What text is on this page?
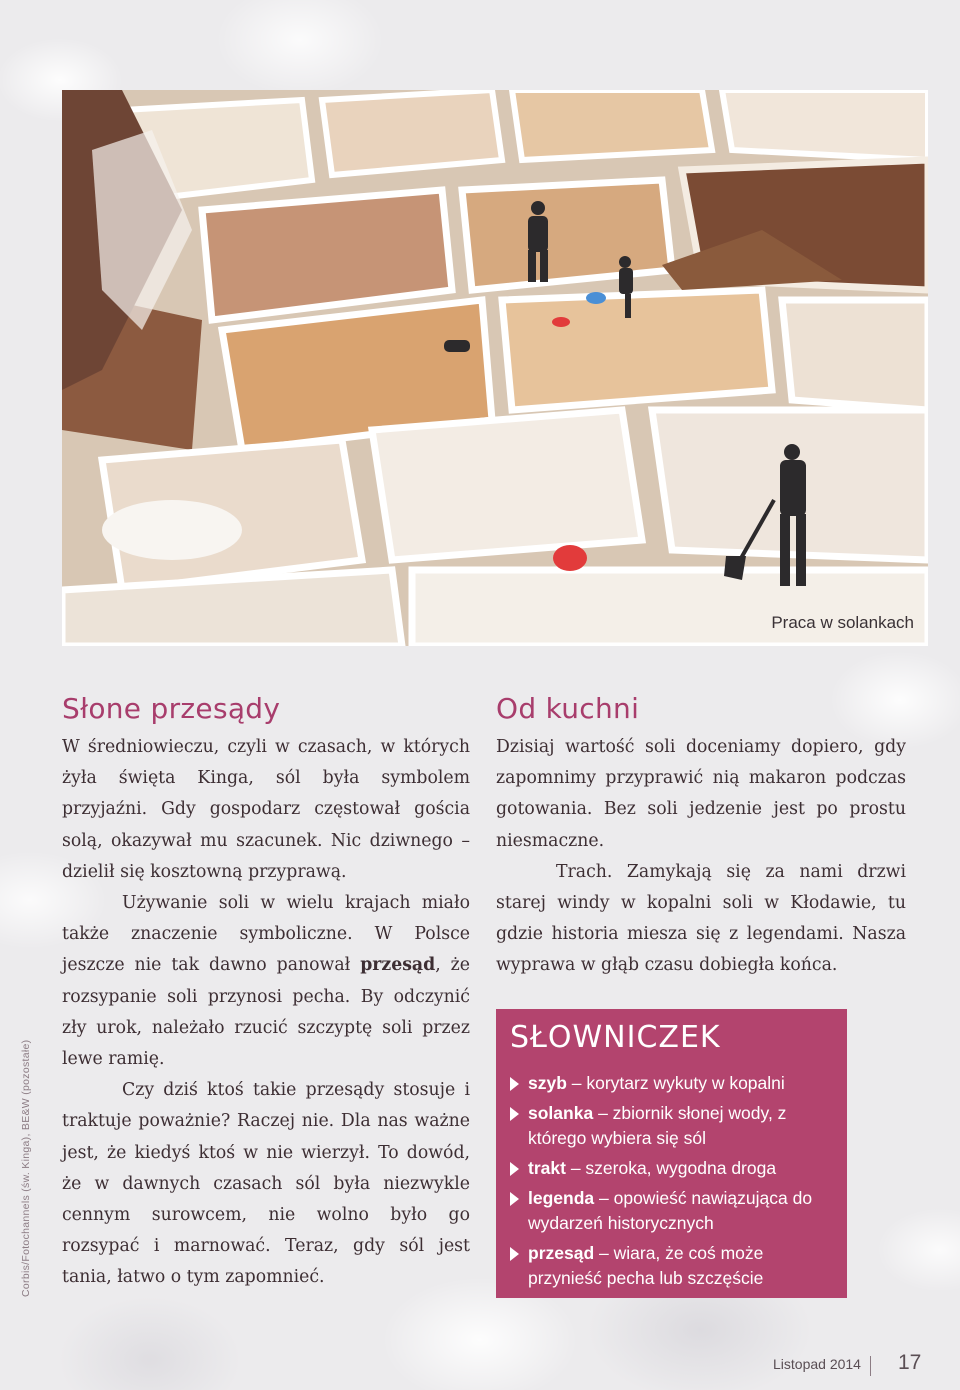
Praca w solankach
Corbis/Fotochannels (św. Kinga), BE&W (pozostałe)
Słone przesądy

W średniowieczu, czyli w czasach, w których żyła święta Kinga, sól była symbolem przyjaźni. Gdy gospodarz częstował gościa solą, okazywał mu szacunek. Nic dziwnego – dzielił się kosztowną przyprawą.

Używanie soli w wielu krajach miało także znaczenie symboliczne. W Polsce jeszcze nie tak dawno panował przesąd, że rozsypanie soli przynosi pecha. By odczynić zły urok, należało rzucić szczyptę soli przez lewe ramię.

Czy dziś ktoś takie przesądy stosuje i traktuje poważnie? Raczej nie. Dla nas ważne jest, że kiedyś ktoś w nie wierzył. To dowód, że w dawnych czasach sól była niezwykle cennym surowcem, nie wolno było go rozsypać i marnować. Teraz, gdy sól jest tania, łatwo o tym zapomnieć.

Od kuchni

Dzisiaj wartość soli doceniamy dopiero, gdy zapomnimy przyprawić nią makaron podczas gotowania. Bez soli jedzenie jest po prostu niesmaczne.

Trach. Zamykają się za nami drzwi starej windy w kopalni soli w Kłodawie, tu gdzie historia miesza się z legendami. Nasza wyprawa w głąb czasu dobiegła końca.

SŁOWNICZEK
szyb – korytarz wykuty w kopalni
solanka – zbiornik słonej wody, z którego wybiera się sól
trakt – szeroka, wygodna droga
legenda – opowieść nawiązująca do wydarzeń historycznych
przesąd – wiara, że coś może przynieść pecha lub szczęście
Listopad 2014 17
